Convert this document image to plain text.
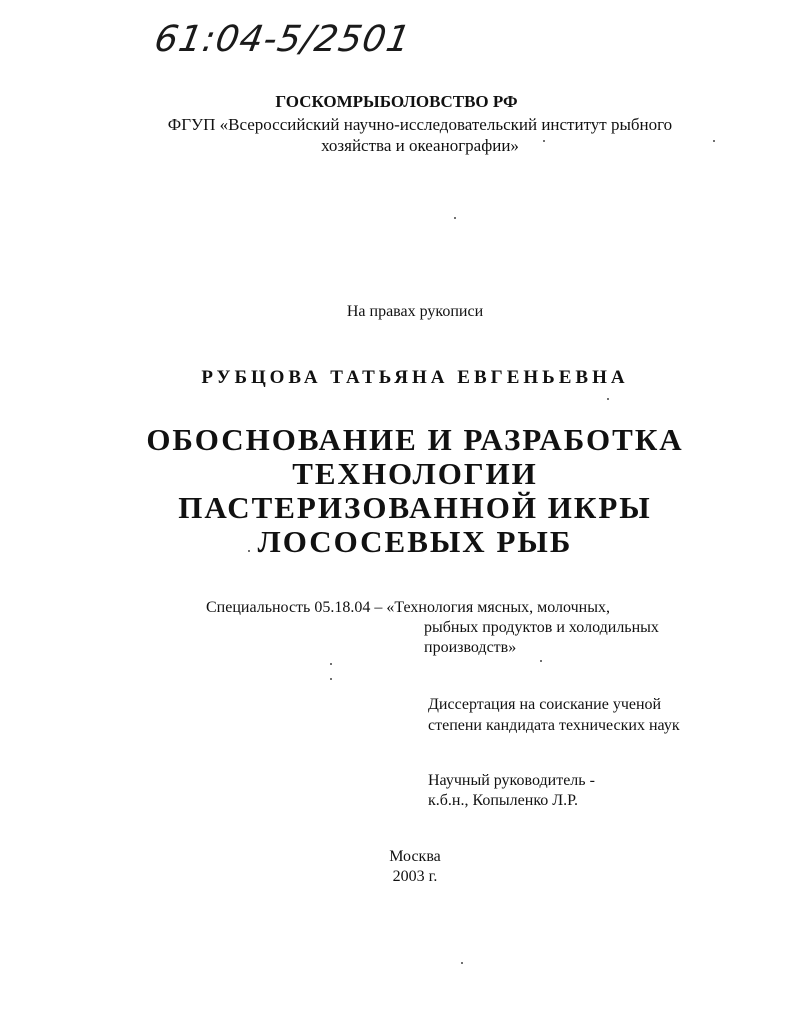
61:04-5/2501
ГОСКОМРЫБОЛОВСТВО РФ
ФГУП «Всероссийский научно-исследовательский институт рыбного
хозяйства и океанографии»
На правах рукописи
РУБЦОВА ТАТЬЯНА ЕВГЕНЬЕВНА
ОБОСНОВАНИЕ И РАЗРАБОТКА
ТЕХНОЛОГИИ
ПАСТЕРИЗОВАННОЙ ИКРЫ
ЛОСОСЕВЫХ РЫБ
Специальность 05.18.04 – «Технология мясных, молочных,
рыбных продуктов и холодильных
производств»
Диссертация на соискание ученой
степени кандидата технических наук
Научный руководитель -
к.б.н., Копыленко Л.Р.
Москва
2003 г.
